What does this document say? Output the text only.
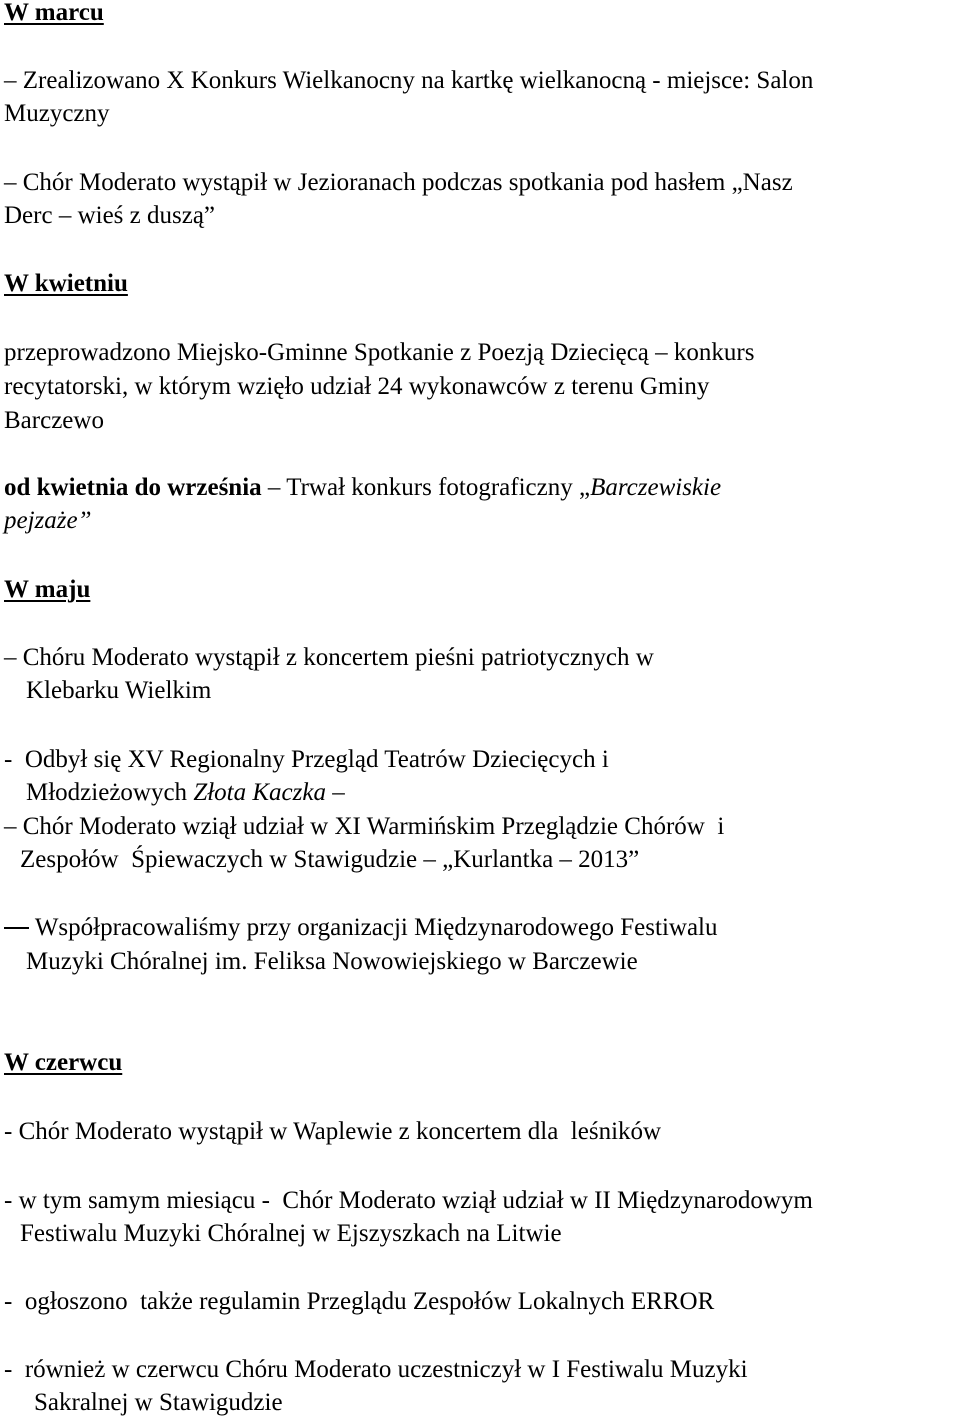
W marcu
– Zrealizowano X Konkurs Wielkanocny na kartkę wielkanocną - miejsce: Salon
Muzyczny
– Chór Moderato wystąpił w Jezioranach podczas spotkania pod hasłem „Nasz
Derc – wieś z duszą”
W kwietniu
przeprowadzono Miejsko-Gminne Spotkanie z Poezją Dziecięcą – konkurs
recytatorski, w którym wzięło udział 24 wykonawców z terenu Gminy
Barczewo
od kwietnia do września – Trwał konkurs fotograficzny „Barczewiskie
pejzaże”
W maju
– Chóru Moderato wystąpił z koncertem pieśni patriotycznych w
Klebarku Wielkim
-  Odbył się XV Regionalny Przegląd Teatrów Dziecięcych i
Młodzieżowych Złota Kaczka –
– Chór Moderato wziął udział w XI Warmińskim Przeglądzie Chórów  i
Zespołów  Śpiewaczych w Stawigudzie – „Kurlantka – 2013”
Współpracowaliśmy przy organizacji Międzynarodowego Festiwalu
Muzyki Chóralnej im. Feliksa Nowowiejskiego w Barczewie
W czerwcu
- Chór Moderato wystąpił w Waplewie z koncertem dla  leśników
- w tym samym miesiącu -  Chór Moderato wziął udział w II Międzynarodowym
Festiwalu Muzyki Chóralnej w Ejszyszkach na Litwie
-  ogłoszono  także regulamin Przeglądu Zespołów Lokalnych ERROR
-  również w czerwcu Chóru Moderato uczestniczył w I Festiwalu Muzyki
Sakralnej w Stawigudzie
